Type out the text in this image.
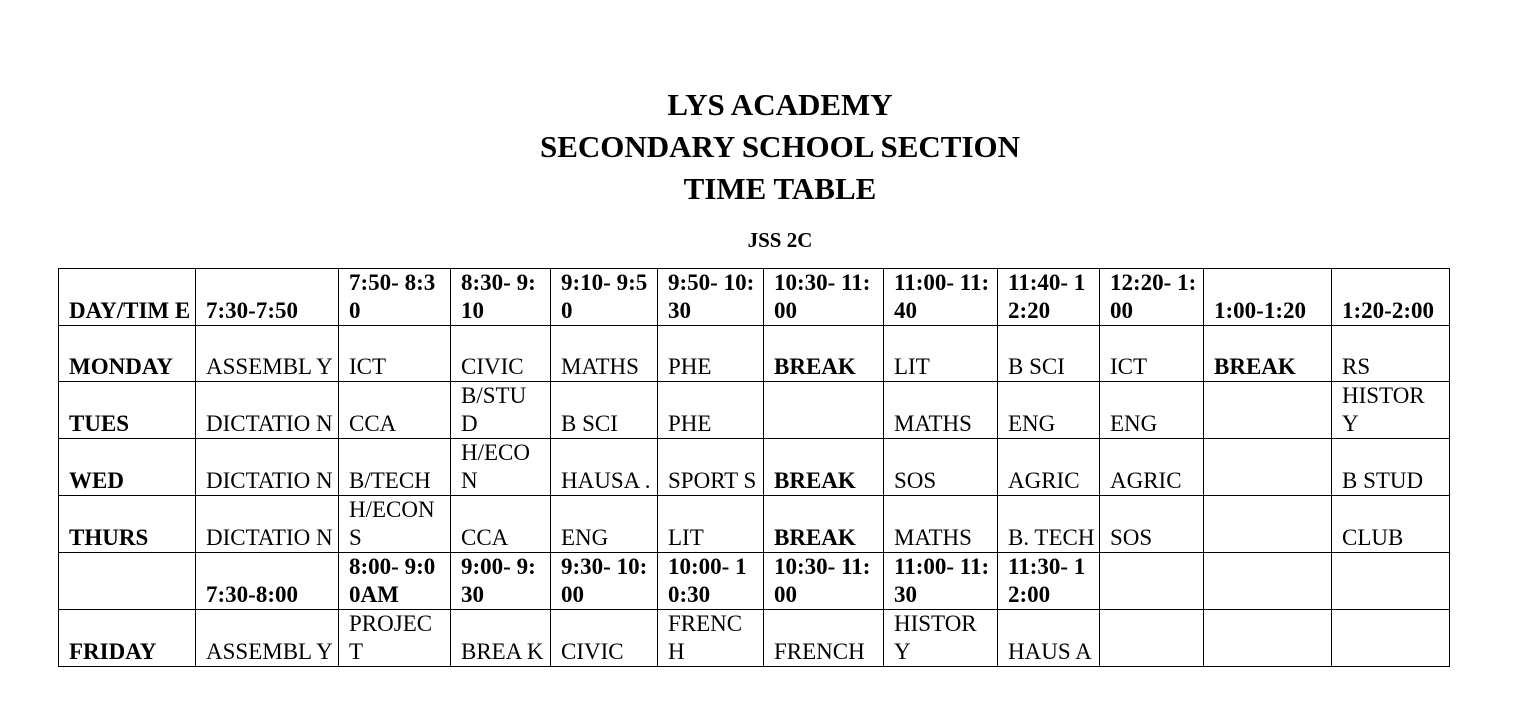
LYS ACADEMY
SECONDARY SCHOOL SECTION
TIME TABLE
JSS 2C
DAY/TIM E	7:30-7:50	7:50- 8:30	8:30- 9:10	9:10- 9:50	9:50- 10:30	10:30- 11:00	11:00- 11:40	11:40- 12:20	12:20- 1:00	1:00-1:20	1:20-2:00
MONDAY	ASSEMBL Y	ICT	CIVIC	MATHS	PHE	BREAK	LIT	B SCI	ICT	BREAK	RS
TUES	DICTATIO N	CCA	B/STU D	B SCI	PHE		MATHS	ENG	ENG		HISTOR Y
WED	DICTATIO N	B/TECH	H/ECO N	HAUSA .	SPORT S	BREAK	SOS	AGRIC	AGRIC		B STUD
THURS	DICTATIO N	H/ECON S	CCA	ENG	LIT	BREAK	MATHS	B. TECH	SOS		CLUB
	7:30-8:00	8:00- 9:00AM	9:00- 9:30	9:30- 10:00	10:00- 10:30	10:30- 11:00	11:00- 11:30	11:30- 12:00			
FRIDAY	ASSEMBL Y	PROJEC T	BREA K	CIVIC	FRENC H	FRENCH	HISTOR Y	HAUS A			
